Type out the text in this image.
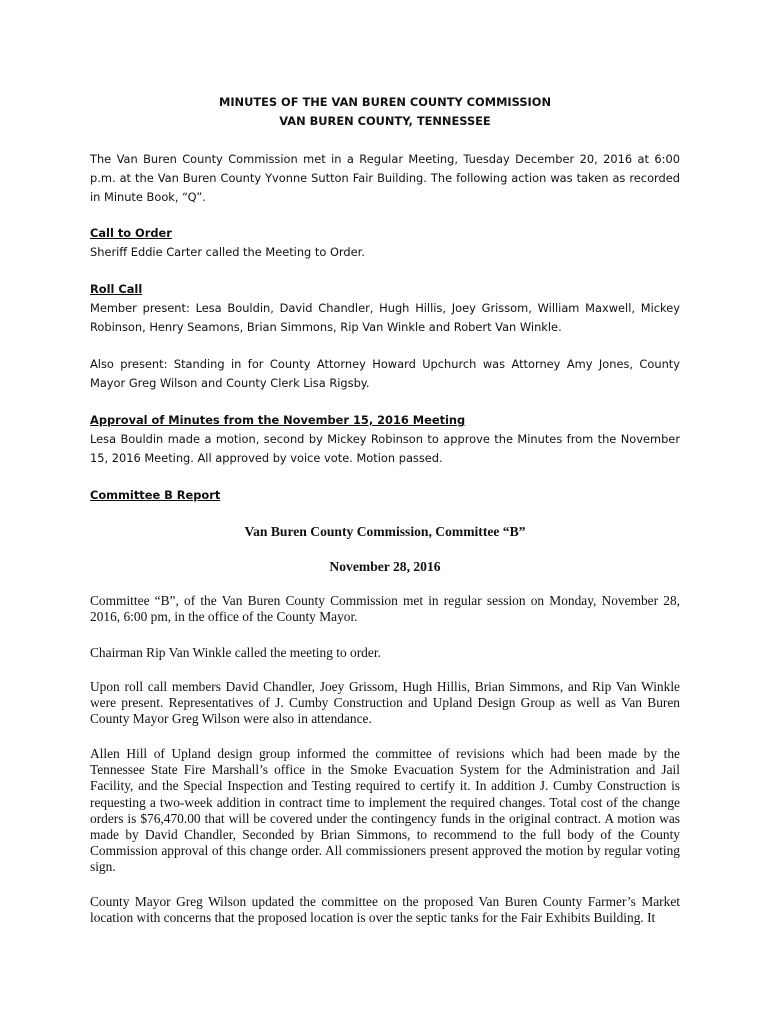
MINUTES OF THE VAN BUREN COUNTY COMMISSION
VAN BUREN COUNTY, TENNESSEE

The Van Buren County Commission met in a Regular Meeting, Tuesday December 20, 2016 at 6:00 p.m. at the Van Buren County Yvonne Sutton Fair Building. The following action was taken as recorded in Minute Book, “Q”.

Call to Order
Sheriff Eddie Carter called the Meeting to Order.
Roll Call
Member present: Lesa Bouldin, David Chandler, Hugh Hillis, Joey Grissom, William Maxwell, Mickey Robinson, Henry Seamons, Brian Simmons, Rip Van Winkle and Robert Van Winkle.

Also present: Standing in for County Attorney Howard Upchurch was Attorney Amy Jones, County Mayor Greg Wilson and County Clerk Lisa Rigsby.

Approval of Minutes from the November 15, 2016 Meeting
Lesa Bouldin made a motion, second by Mickey Robinson to approve the Minutes from the November 15, 2016 Meeting. All approved by voice vote. Motion passed.
Committee B Report
Van Buren County Commission, Committee “B”
November 28, 2016

Committee “B”, of the Van Buren County Commission met in regular session on Monday, November 28, 2016, 6:00 pm, in the office of the County Mayor.

Chairman Rip Van Winkle called the meeting to order.

Upon roll call members David Chandler, Joey Grissom, Hugh Hillis, Brian Simmons, and Rip Van Winkle were present. Representatives of J. Cumby Construction and Upland Design Group as well as Van Buren County Mayor Greg Wilson were also in attendance.

Allen Hill of Upland design group informed the committee of revisions which had been made by the Tennessee State Fire Marshall’s office in the Smoke Evacuation System for the Administration and Jail Facility, and the Special Inspection and Testing required to certify it. In addition J. Cumby Construction is requesting a two-week addition in contract time to implement the required changes. Total cost of the change orders is $76,470.00 that will be covered under the contingency funds in the original contract. A motion was made by David Chandler, Seconded by Brian Simmons, to recommend to the full body of the County Commission approval of this change order. All commissioners present approved the motion by regular voting sign.

County Mayor Greg Wilson updated the committee on the proposed Van Buren County Farmer’s Market location with concerns that the proposed location is over the septic tanks for the Fair Exhibits Building. It
